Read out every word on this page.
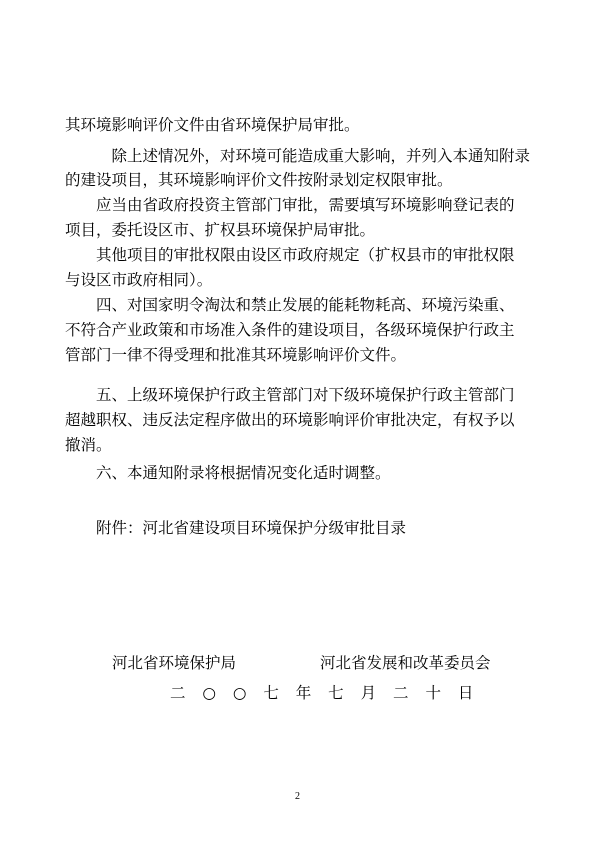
其环境影响评价文件由省环境保护局审批。
　除上述情况外，对环境可能造成重大影响，并列入本通知附录
的建设项目，其环境影响评价文件按附录划定权限审批。
应当由省政府投资主管部门审批，需要填写环境影响登记表的
项目，委托设区市、扩权县环境保护局审批。
其他项目的审批权限由设区市政府规定（扩权县市的审批权限
与设区市政府相同）。
四、对国家明令淘汰和禁止发展的能耗物耗高、环境污染重、
不符合产业政策和市场准入条件的建设项目，各级环境保护行政主
管部门一律不得受理和批准其环境影响评价文件。
五、上级环境保护行政主管部门对下级环境保护行政主管部门
超越职权、违反法定程序做出的环境影响评价审批决定，有权予以
撤消。
六、本通知附录将根据情况变化适时调整。
附件：河北省建设项目环境保护分级审批目录
河北省环境保护局	河北省发展和改革委员会
二 ○ ○ 七 年 七 月 二 十 日
2
